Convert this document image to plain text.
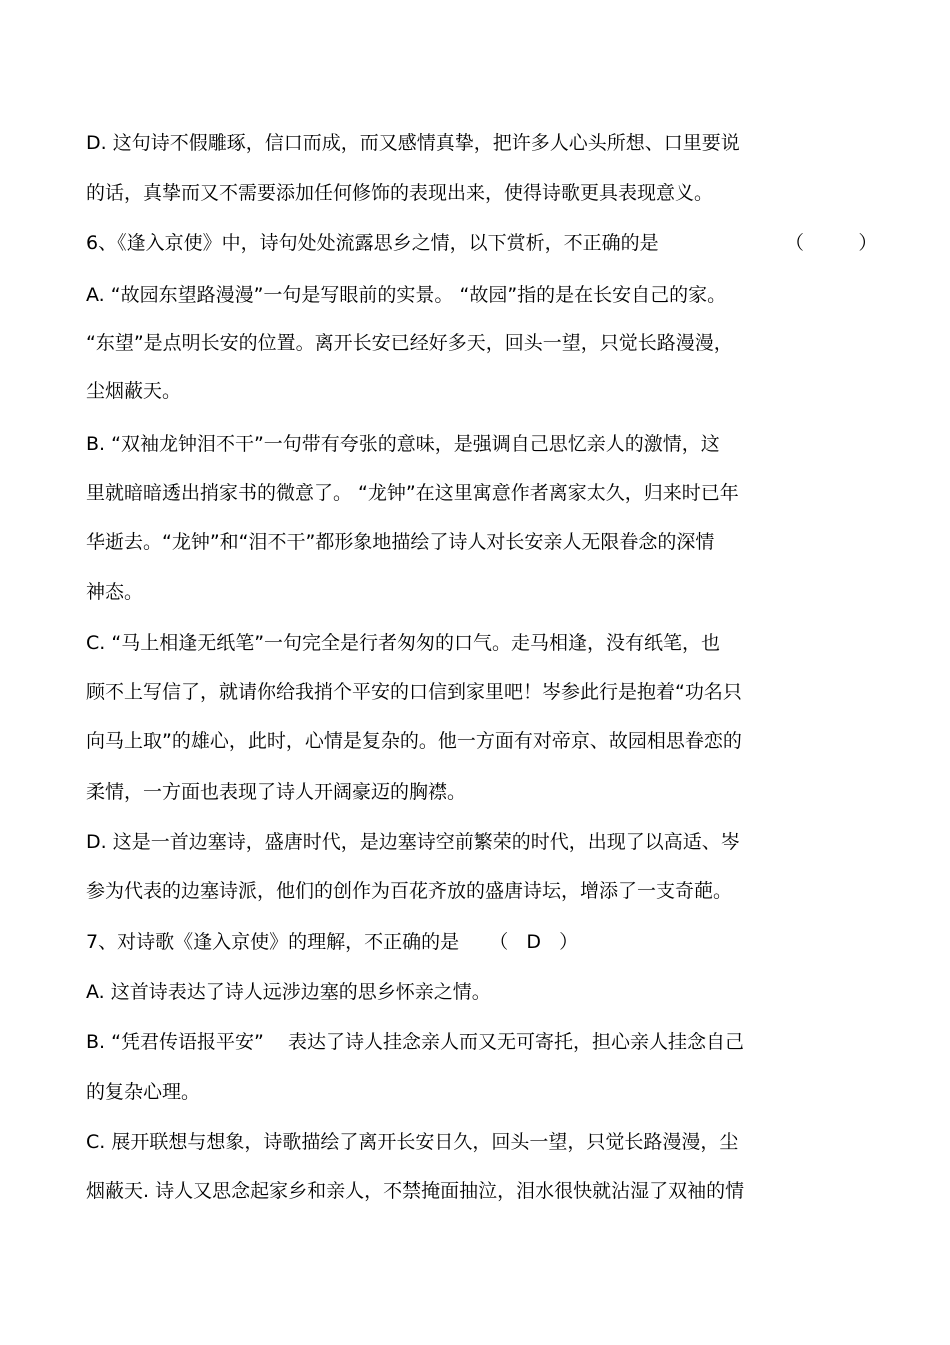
D. 这句诗不假雕琢，信口而成，而又感情真挚，把许多人心头所想、口里要说
的话，真挚而又不需要添加任何修饰的表现出来，使得诗歌更具表现意义。
6、《逢入京使》中，诗句处处流露思乡之情，以下赏析，不正确的是	（         ）
A. “故园东望路漫漫”一句是写眼前的实景。 “故园”指的是在长安自己的家。
“东望”是点明长安的位置。离开长安已经好多天，回头一望，只觉长路漫漫，
尘烟蔽天。
B. “双袖龙钟泪不干”一句带有夸张的意味，是强调自己思忆亲人的激情，这
里就暗暗透出捎家书的微意了。 “龙钟”在这里寓意作者离家太久，归来时已年
华逝去。“龙钟”和“泪不干”都形象地描绘了诗人对长安亲人无限眷念的深情
神态。
C. “马上相逢无纸笔”一句完全是行者匆匆的口气。走马相逢，没有纸笔，也
顾不上写信了，就请你给我捎个平安的口信到家里吧！岑参此行是抱着“功名只
向马上取”的雄心，此时，心情是复杂的。他一方面有对帝京、故园相思眷恋的
柔情，一方面也表现了诗人开阔豪迈的胸襟。
D. 这是一首边塞诗，盛唐时代，是边塞诗空前繁荣的时代，出现了以高适、岑
参为代表的边塞诗派，他们的创作为百花齐放的盛唐诗坛，增添了一支奇葩。
7、对诗歌《逢入京使》的理解，不正确的是     （   D   ）
A. 这首诗表达了诗人远涉边塞的思乡怀亲之情。
B. “凭君传语报平安”    表达了诗人挂念亲人而又无可寄托，担心亲人挂念自己
的复杂心理。
C. 展开联想与想象，诗歌描绘了离开长安日久，回头一望，只觉长路漫漫，尘
烟蔽天. 诗人又思念起家乡和亲人，不禁掩面抽泣，泪水很快就沾湿了双袖的情
